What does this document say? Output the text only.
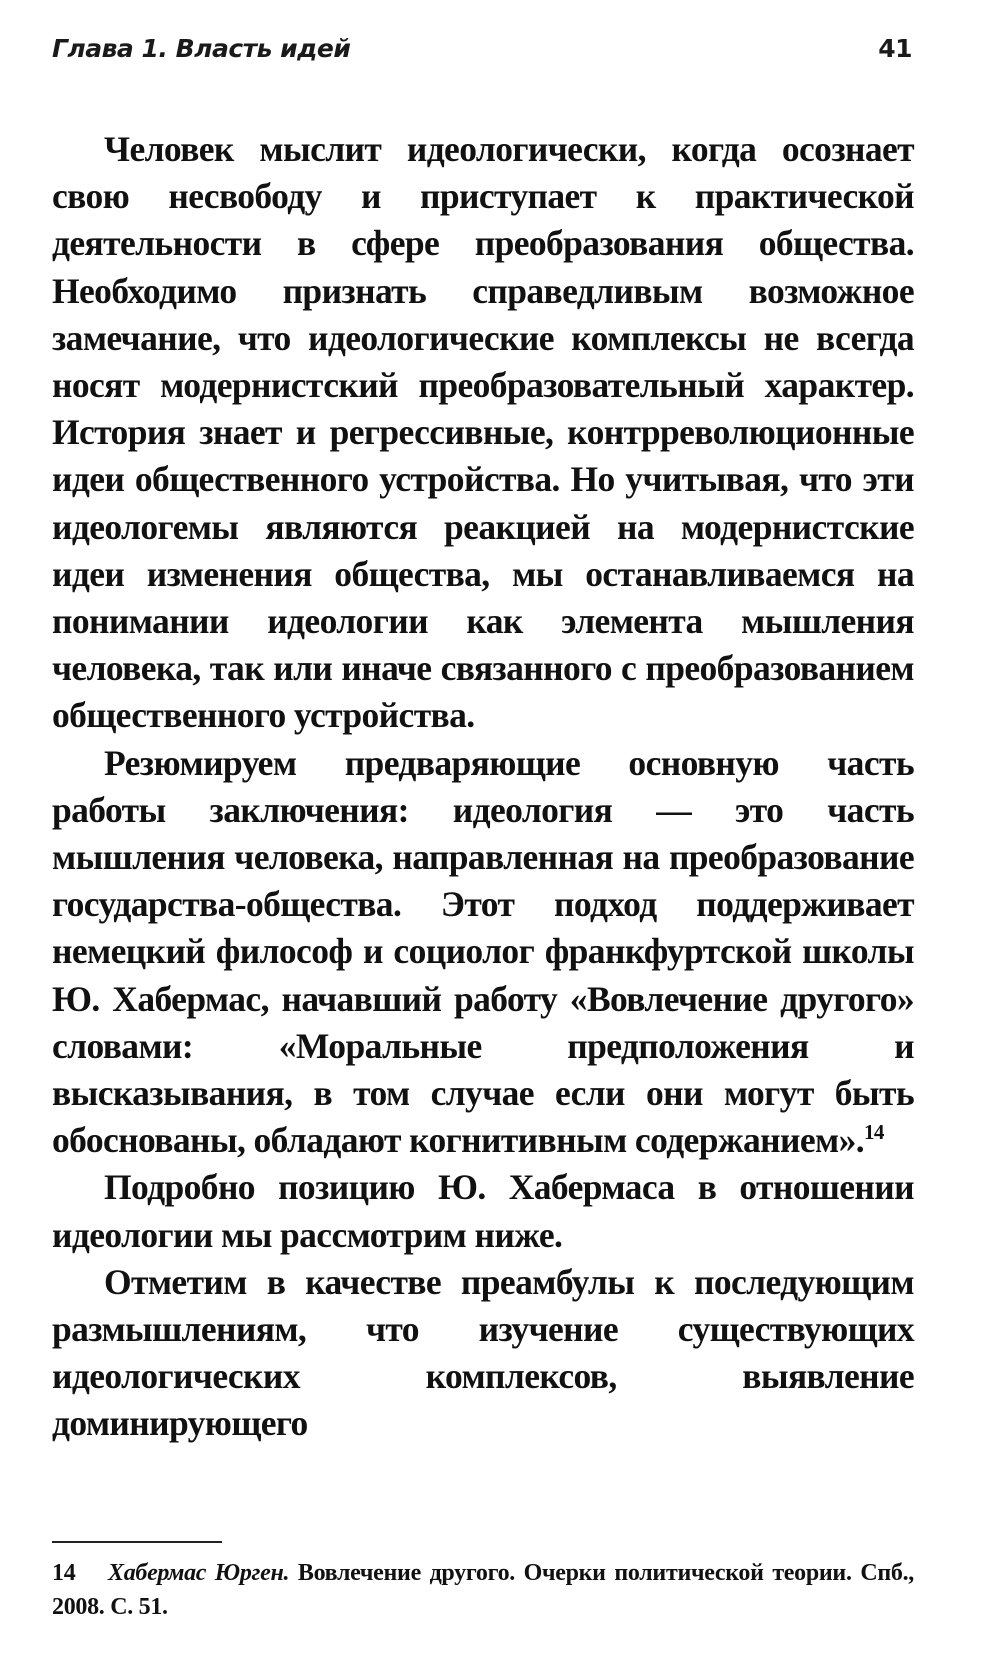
Глава 1. Власть идей	41

Человек мыслит идеологически, когда осознает свою несвободу и приступает к практической деятельности в сфере преобразования общества. Необходимо признать справедливым возможное замечание, что идеологические комплексы не всегда носят модернистский преобразовательный характер. История знает и регрессивные, контрреволюционные идеи общественного устройства. Но учитывая, что эти идеологемы являются реакцией на модернистские идеи изменения общества, мы останавливаемся на понимании идеологии как элемента мышления человека, так или иначе связанного с преобразованием общественного устройства.

Резюмируем предваряющие основную часть работы заключения: идеология — это часть мышления человека, направленная на преобразование государства-общества. Этот подход поддерживает немецкий философ и социолог франкфуртской школы Ю. Хабермас, начавший работу «Вовлечение другого» словами: «Моральные предположения и высказывания, в том случае если они могут быть обоснованы, обладают когнитивным содержанием».$^{14}$

Подробно позицию Ю. Хабермаса в отношении идеологии мы рассмотрим ниже.

Отметим в качестве преамбулы к последующим размышлениям, что изучение существующих идеологических комплексов, выявление доминирующего

14 Хабермас Юрген. Вовлечение другого. Очерки политической теории. Спб., 2008. С. 51.
